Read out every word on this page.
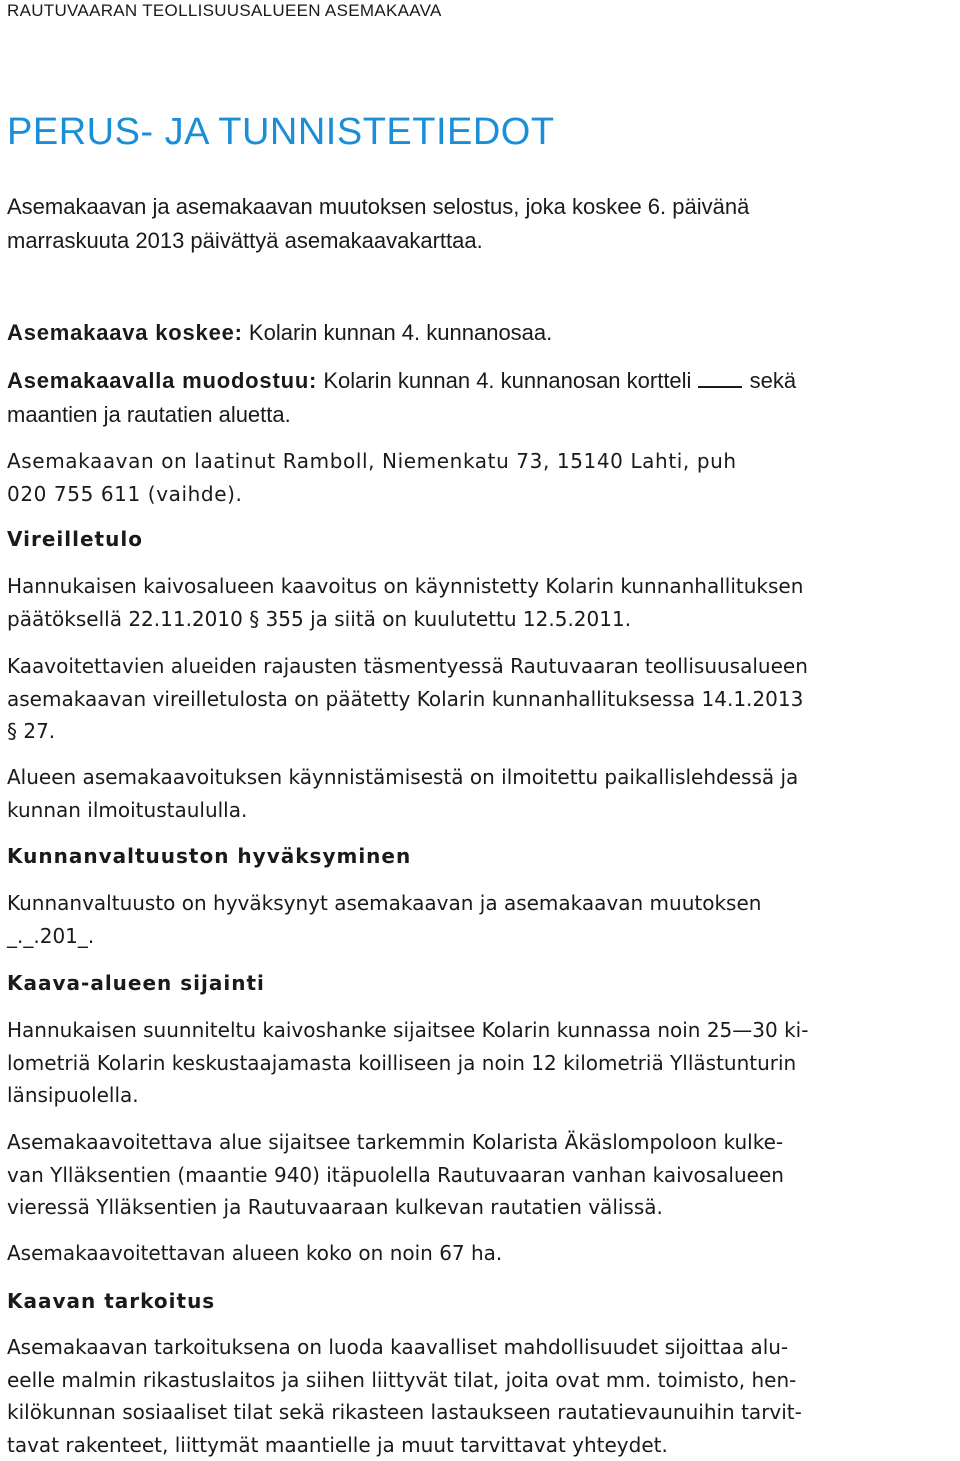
RAUTUVAARAN TEOLLISUUSALUEEN ASEMAKAAVA
PERUS- JA TUNNISTETIEDOT
Asemakaavan ja asemakaavan muutoksen selostus, joka koskee 6. päivänä
marraskuuta 2013 päivättyä asemakaavakarttaa.
Asemakaava koskee: Kolarin kunnan 4. kunnanosaa.
Asemakaavalla muodostuu: Kolarin kunnan 4. kunnanosan kortteli	sekä
maantien ja rautatien aluetta.
Asemakaavan on laatinut Ramboll, Niemenkatu 73, 15140 Lahti, puh
020 755 611 (vaihde).
Vireilletulo
Hannukaisen kaivosalueen kaavoitus on käynnistetty Kolarin kunnanhallituksen
päätöksellä 22.11.2010 § 355 ja siitä on kuulutettu 12.5.2011.
Kaavoitettavien alueiden rajausten täsmentyessä Rautuvaaran teollisuusalueen
asemakaavan vireilletulosta on päätetty Kolarin kunnanhallituksessa 14.1.2013
§ 27.
Alueen asemakaavoituksen käynnistämisestä on ilmoitettu paikallislehdessä ja
kunnan ilmoitustaululla.
Kunnanvaltuuston hyväksyminen
Kunnanvaltuusto on hyväksynyt asemakaavan ja asemakaavan muutoksen
_._.201_.
Kaava-alueen sijainti
Hannukaisen suunniteltu kaivoshanke sijaitsee Kolarin kunnassa noin 25—30 ki-
lometriä Kolarin keskustaajamasta koilliseen ja noin 12 kilometriä Yllästunturin
länsipuolella.
Asemakaavoitettava alue sijaitsee tarkemmin Kolarista Äkäslompoloon kulke-
van Ylläksentien (maantie 940) itäpuolella Rautuvaaran vanhan kaivosalueen
vieressä Ylläksentien ja Rautuvaaraan kulkevan rautatien välissä.
Asemakaavoitettavan alueen koko on noin 67 ha.
Kaavan tarkoitus
Asemakaavan tarkoituksena on luoda kaavalliset mahdollisuudet sijoittaa alu-
eelle malmin rikastuslaitos ja siihen liittyvät tilat, joita ovat mm. toimisto, hen-
kilökunnan sosiaaliset tilat sekä rikasteen lastaukseen rautatievaunuihin tarvit-
tavat rakenteet, liittymät maantielle ja muut tarvittavat yhteydet.
